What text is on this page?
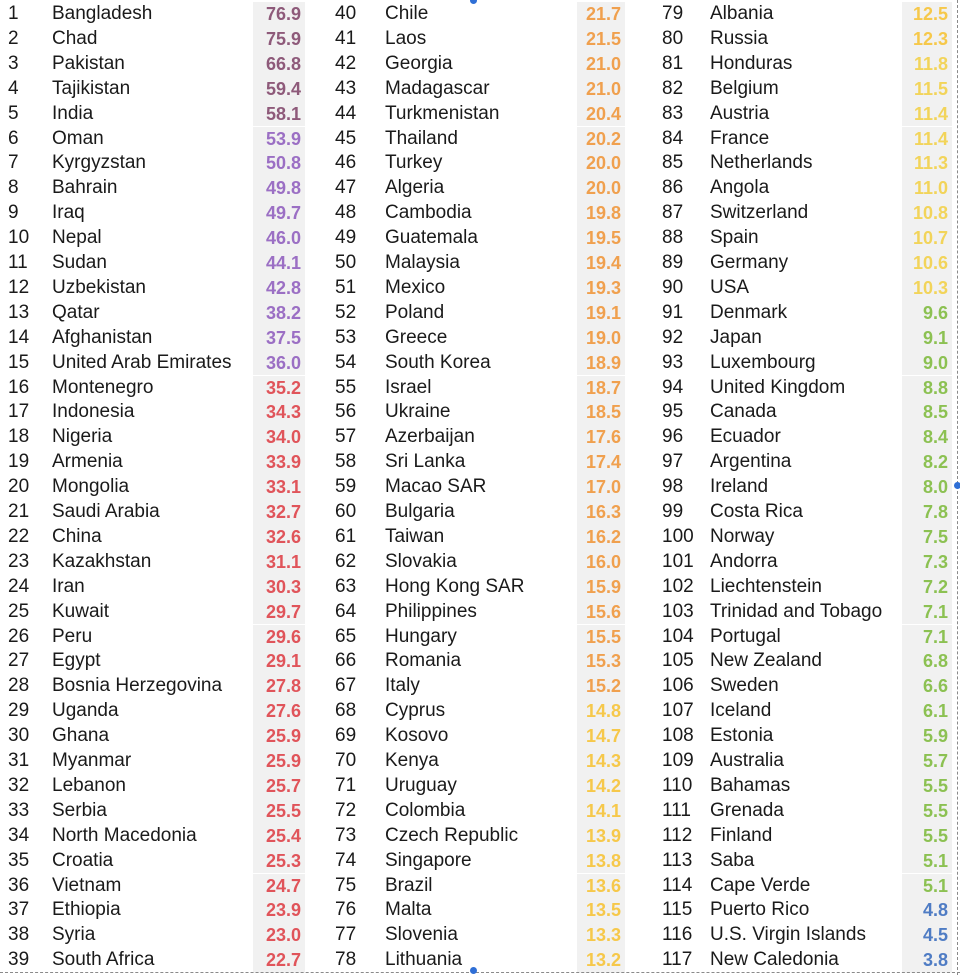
1 Bangladesh	76.9
2 Chad	75.9
3 Pakistan	66.8
4 Tajikistan	59.4
5 India	58.1
6 Oman	53.9
7 Kyrgyzstan	50.8
8 Bahrain	49.8
9 Iraq	49.7
10 Nepal	46.0
11 Sudan	44.1
12 Uzbekistan	42.8
13 Qatar	38.2
14 Afghanistan	37.5
15 United Arab Emirates	36.0
16 Montenegro	35.2
17 Indonesia	34.3
18 Nigeria	34.0
19 Armenia	33.9
20 Mongolia	33.1
21 Saudi Arabia	32.7
22 China	32.6
23 Kazakhstan	31.1
24 Iran	30.3
25 Kuwait	29.7
26 Peru	29.6
27 Egypt	29.1
28 Bosnia Herzegovina	27.8
29 Uganda	27.6
30 Ghana	25.9
31 Myanmar	25.9
32 Lebanon	25.7
33 Serbia	25.5
34 North Macedonia	25.4
35 Croatia	25.3
36 Vietnam	24.7
37 Ethiopia	23.9
38 Syria	23.0
39 South Africa	22.7
40 Chile	21.7
41 Laos	21.5
42 Georgia	21.0
43 Madagascar	21.0
44 Turkmenistan	20.4
45 Thailand	20.2
46 Turkey	20.0
47 Algeria	20.0
48 Cambodia	19.8
49 Guatemala	19.5
50 Malaysia	19.4
51 Mexico	19.3
52 Poland	19.1
53 Greece	19.0
54 South Korea	18.9
55 Israel	18.7
56 Ukraine	18.5
57 Azerbaijan	17.6
58 Sri Lanka	17.4
59 Macao SAR	17.0
60 Bulgaria	16.3
61 Taiwan	16.2
62 Slovakia	16.0
63 Hong Kong SAR	15.9
64 Philippines	15.6
65 Hungary	15.5
66 Romania	15.3
67 Italy	15.2
68 Cyprus	14.8
69 Kosovo	14.7
70 Kenya	14.3
71 Uruguay	14.2
72 Colombia	14.1
73 Czech Republic	13.9
74 Singapore	13.8
75 Brazil	13.6
76 Malta	13.5
77 Slovenia	13.3
78 Lithuania	13.2
79 Albania	12.5
80 Russia	12.3
81 Honduras	11.8
82 Belgium	11.5
83 Austria	11.4
84 France	11.4
85 Netherlands	11.3
86 Angola	11.0
87 Switzerland	10.8
88 Spain	10.7
89 Germany	10.6
90 USA	10.3
91 Denmark	9.6
92 Japan	9.1
93 Luxembourg	9.0
94 United Kingdom	8.8
95 Canada	8.5
96 Ecuador	8.4
97 Argentina	8.2
98 Ireland	8.0
99 Costa Rica	7.8
100 Norway	7.5
101 Andorra	7.3
102 Liechtenstein	7.2
103 Trinidad and Tobago	7.1
104 Portugal	7.1
105 New Zealand	6.8
106 Sweden	6.6
107 Iceland	6.1
108 Estonia	5.9
109 Australia	5.7
110 Bahamas	5.5
111 Grenada	5.5
112 Finland	5.5
113 Saba	5.1
114 Cape Verde	5.1
115 Puerto Rico	4.8
116 U.S. Virgin Islands	4.5
117 New Caledonia	3.8
